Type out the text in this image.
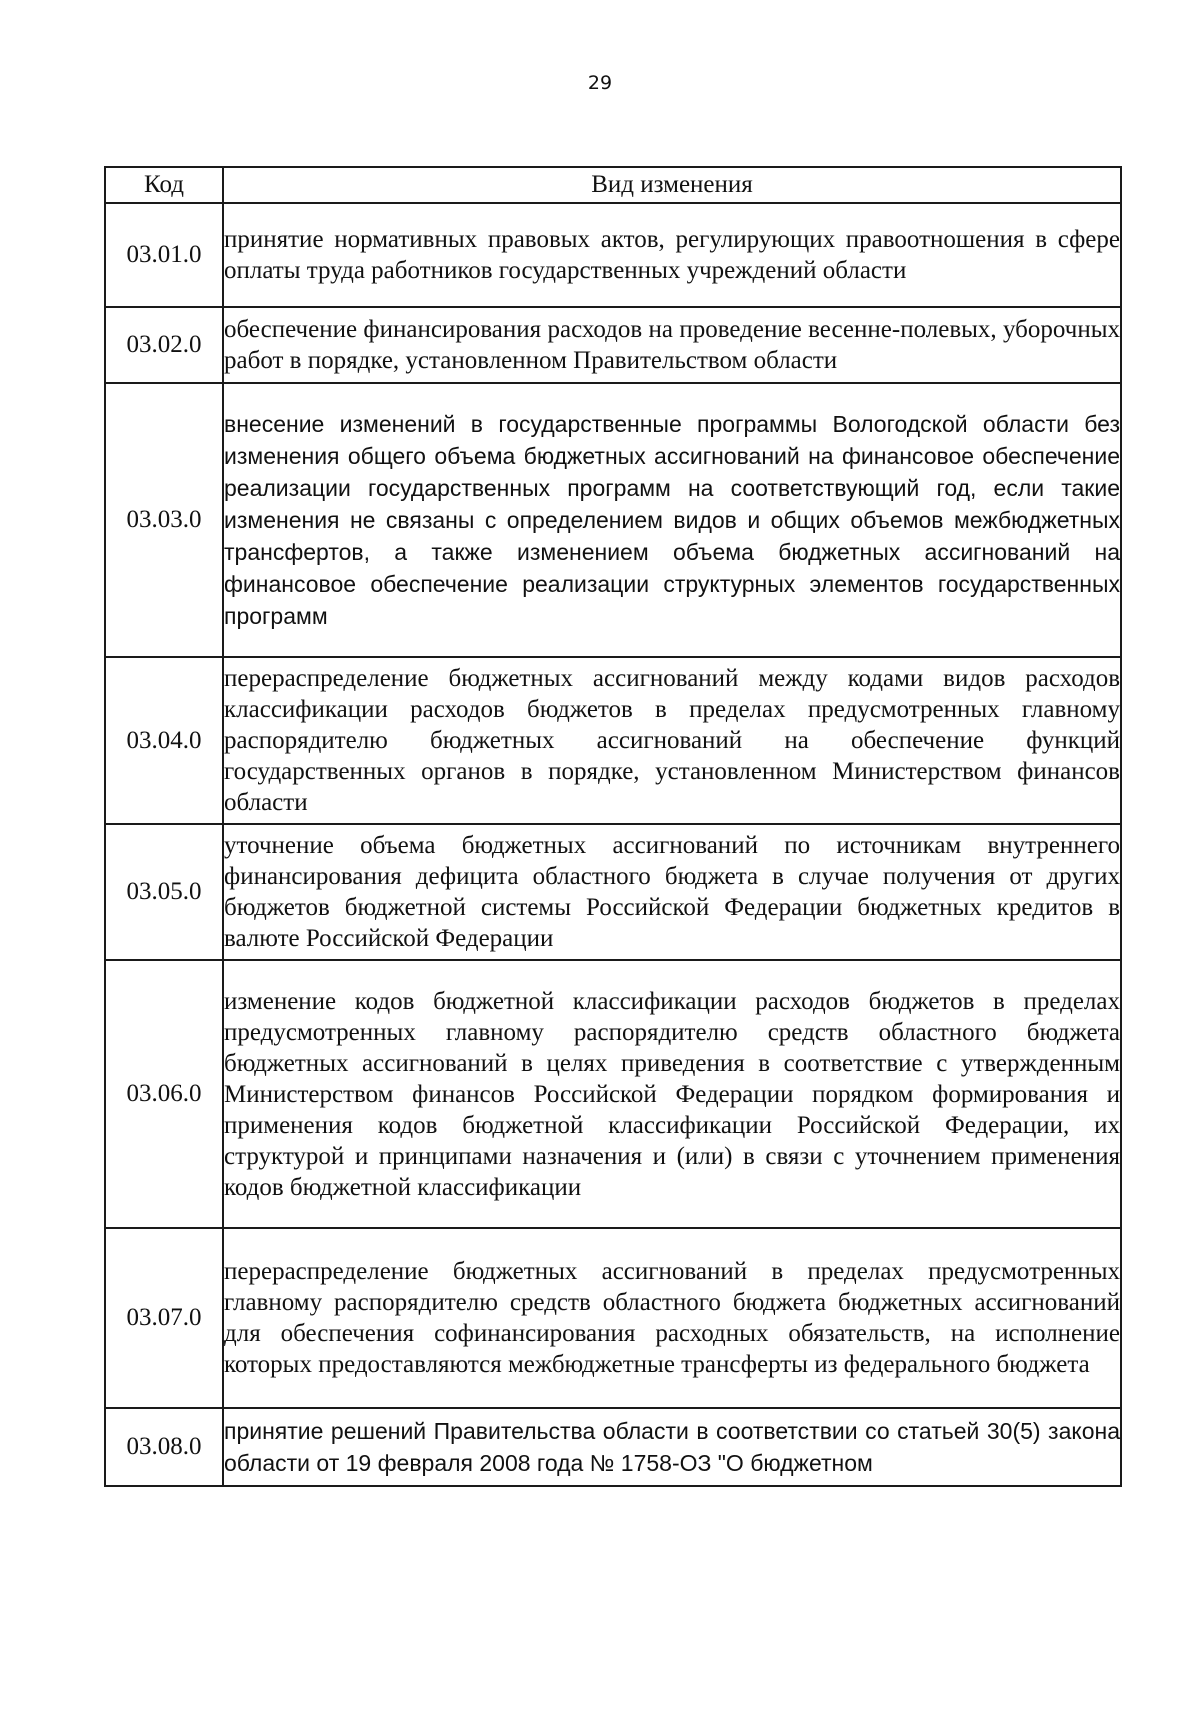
29
Код	Вид изменения
03.01.0	принятие нормативных правовых актов, регулирующих правоотношения в сфере оплаты труда работников государственных учреждений области

03.02.0	обеспечение финансирования расходов на проведение весенне-полевых, уборочных работ в порядке, установленном Правительством области

03.03.0	внесение изменений в государственные программы Вологодской области без изменения общего объема бюджетных ассигнований на финансовое обеспечение реализации государственных программ на соответствующий год, если такие изменения не связаны с определением видов и общих объемов межбюджетных трансфертов, а также изменением объема бюджетных ассигнований на финансовое обеспечение реализации структурных элементов государственных программ

03.04.0	перераспределение бюджетных ассигнований между кодами видов расходов классификации расходов бюджетов в пределах предусмотренных главному распорядителю бюджетных ассигнований на обеспечение функций государственных органов в порядке, установленном Министерством финансов области

03.05.0	уточнение объема бюджетных ассигнований по источникам внутреннего финансирования дефицита областного бюджета в случае получения от других бюджетов бюджетной системы Российской Федерации бюджетных кредитов в валюте Российской Федерации

03.06.0	изменение кодов бюджетной классификации расходов бюджетов в пределах предусмотренных главному распорядителю средств областного бюджета бюджетных ассигнований в целях приведения в соответствие с утвержденным Министерством финансов Российской Федерации порядком формирования и применения кодов бюджетной классификации Российской Федерации, их структурой и принципами назначения и (или) в связи с уточнением применения кодов бюджетной классификации

03.07.0	перераспределение бюджетных ассигнований в пределах предусмотренных главному распорядителю средств областного бюджета бюджетных ассигнований для обеспечения софинансирования расходных обязательств, на исполнение которых предоставляются межбюджетные трансферты из федерального бюджета

03.08.0	принятие решений Правительства области в соответствии со статьей 30(5) закона области от 19 февраля 2008 года № 1758-ОЗ "О бюджетном
